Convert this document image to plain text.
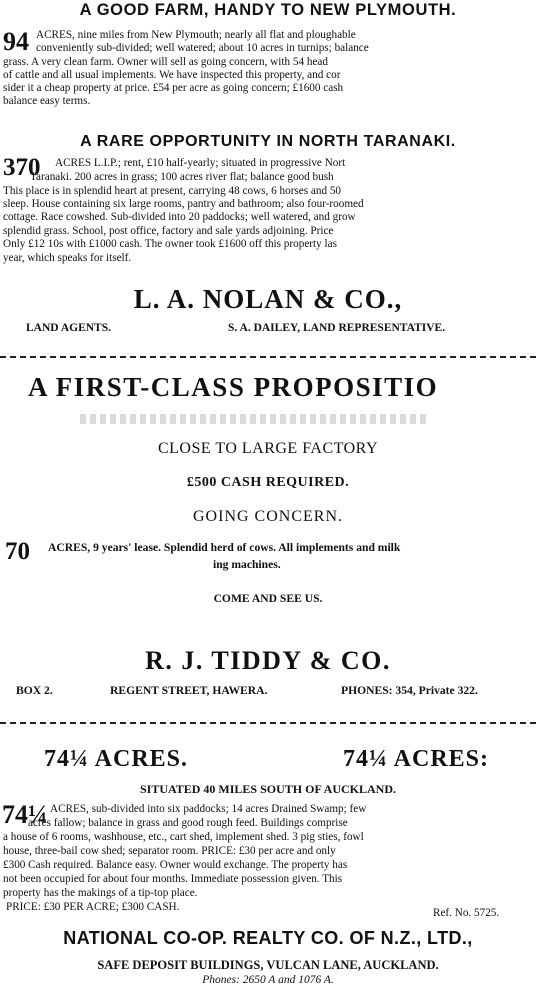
A GOOD FARM, HANDY TO NEW PLYMOUTH.
94 ACRES, nine miles from New Plymouth; nearly all flat and ploughable
conveniently sub-divided; well watered; about 10 acres in turnips; balance
grass. A very clean farm. Owner will sell as going concern, with 54 head
of cattle and all usual implements. We have inspected this property, and cor
sider it a cheap property at price. £54 per acre as going concern; £1600 cash
balance easy terms.
A RARE OPPORTUNITY IN NORTH TARANAKI.
370 ACRES L.I.P.; rent, £10 half-yearly; situated in progressive Nort
Taranaki. 200 acres in grass; 100 acres river flat; balance good bush
This place is in splendid heart at present, carrying 48 cows, 6 horses and 50
sleep. House containing six large rooms, pantry and bathroom; also four-roomed
cottage. Race cowshed. Sub-divided into 20 paddocks; well watered, and grow
splendid grass. School, post office, factory and sale yards adjoining. Price
Only £12 10s with £1000 cash. The owner took £1600 off this property las
year, which speaks for itself.
L. A. NOLAN & CO.,
LAND AGENTS.	S. A. DAILEY, LAND REPRESENTATIVE.
A FIRST-CLASS PROPOSITIO
CLOSE TO LARGE FACTORY
£500 CASH REQUIRED.
GOING CONCERN.
70 ACRES, 9 years' lease. Splendid herd of cows. All implements and milk
ing machines.
COME AND SEE US.
R. J. TIDDY & CO.
BOX 2.	REGENT STREET, HAWERA.	PHONES: 354, Private 322.
74¼ ACRES.	74¼ ACRES:
SITUATED 40 MILES SOUTH OF AUCKLAND.
74¼ ACRES, sub-divided into six paddocks; 14 acres Drained Swamp; few
acres fallow; balance in grass and good rough feed. Buildings comprise
a house of 6 rooms, washhouse, etc., cart shed, implement shed. 3 pig sties, fowl
house, three-bail cow shed; separator room. PRICE: £30 per acre and only
£300 Cash required. Balance easy. Owner would exchange. The property has
not been occupied for about four months. Immediate possession given. This
property has the makings of a tip-top place.
PRICE: £30 PER ACRE; £300 CASH.	Ref. No. 5725.
NATIONAL CO-OP. REALTY CO. OF N.Z., LTD.,
SAFE DEPOSIT BUILDINGS, VULCAN LANE, AUCKLAND.
Phones: 2650 A and 1076 A.
